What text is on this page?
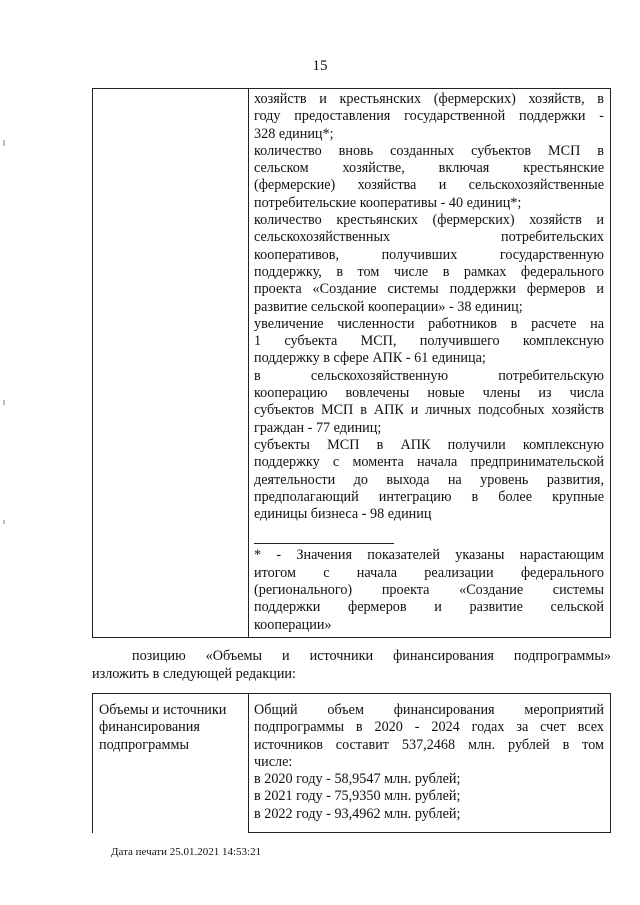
15

хозяйств и крестьянских (фермерских) хозяйств, в

году предоставления государственной поддержки -

328 единиц*;

количество вновь созданных субъектов МСП в

сельском хозяйстве, включая крестьянские

(фермерские) хозяйства и сельскохозяйственные

потребительские кооперативы - 40 единиц*;

количество крестьянских (фермерских) хозяйств и

сельскохозяйственных потребительских

кооперативов, получивших государственную

поддержку, в том числе в рамках федерального

проекта «Создание системы поддержки фермеров и

развитие сельской кооперации» - 38 единиц;

увеличение численности работников в расчете на

1 субъекта МСП, получившего комплексную

поддержку в сфере АПК - 61 единица;

в сельскохозяйственную потребительскую

кооперацию вовлечены новые члены из числа

субъектов МСП в АПК и личных подсобных хозяйств

граждан - 77 единиц;

субъекты МСП в АПК получили комплексную

поддержку с момента начала предпринимательской

деятельности до выхода на уровень развития,

предполагающий интеграцию в более крупные

единицы бизнеса - 98 единиц

* - Значения показателей указаны нарастающим

итогом с начала реализации федерального

(регионального) проекта «Создание системы

поддержки фермеров и развитие сельской

кооперации»

позицию «Объемы и источники финансирования подпрограммы»

изложить в следующей редакции:

Объемы и источники
финансирования
подпрограммы

Общий объем финансирования мероприятий

подпрограммы в 2020 - 2024 годах за счет всех

источников составит 537,2468 млн. рублей в том

числе:

в 2020 году - 58,9547 млн. рублей;

в 2021 году - 75,9350 млн. рублей;

в 2022 году - 93,4962 млн. рублей;

Дата печати 25.01.2021 14:53:21
